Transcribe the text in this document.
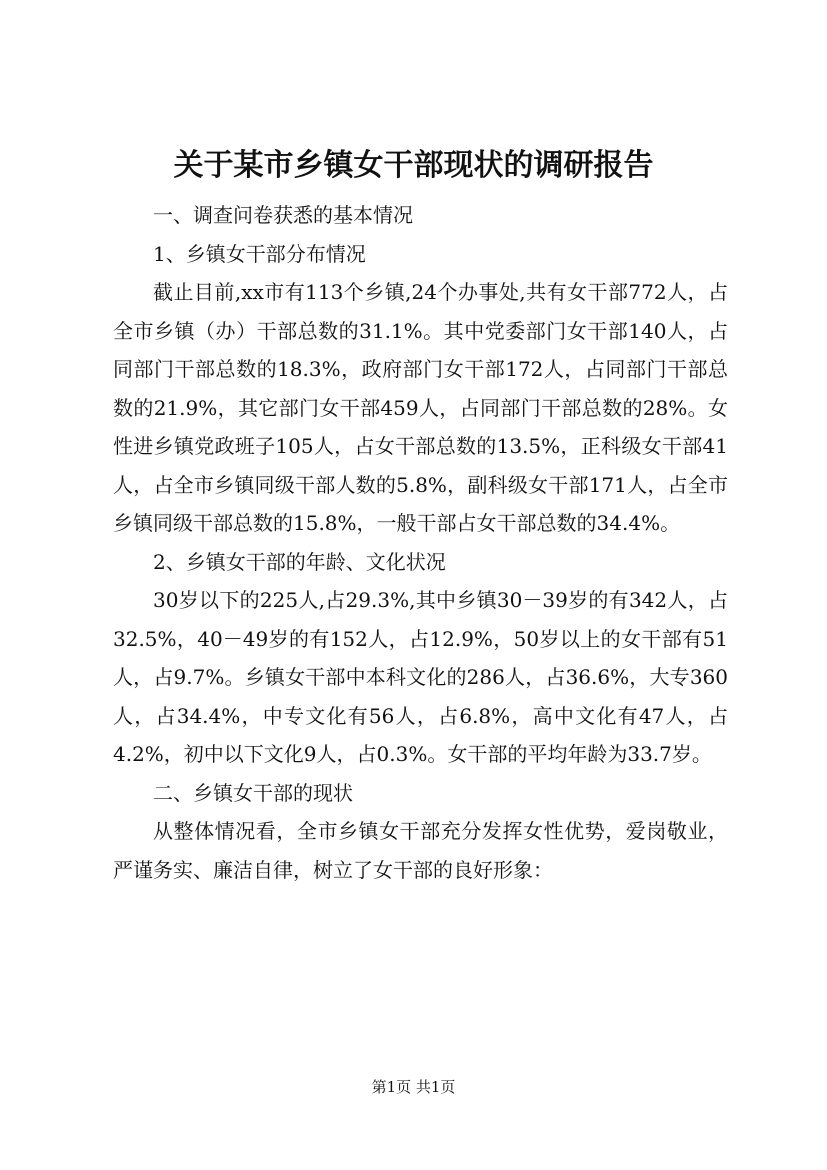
关于某市乡镇女干部现状的调研报告

一、调查问卷获悉的基本情况

1、乡镇女干部分布情况

截止目前,xx市有113个乡镇,24个办事处,共有女干部772人，占全市乡镇（办）干部总数的31.1%。其中党委部门女干部140人，占同部门干部总数的18.3%，政府部门女干部172人，占同部门干部总数的21.9%，其它部门女干部459人，占同部门干部总数的28%。女性进乡镇党政班子105人，占女干部总数的13.5%，正科级女干部41人，占全市乡镇同级干部人数的5.8%，副科级女干部171人，占全市乡镇同级干部总数的15.8%，一般干部占女干部总数的34.4%。

2、乡镇女干部的年龄、文化状况

30岁以下的225人,占29.3%,其中乡镇30－39岁的有342人，占32.5%，40－49岁的有152人，占12.9%，50岁以上的女干部有51人，占9.7%。乡镇女干部中本科文化的286人，占36.6%，大专360人，占34.4%，中专文化有56人，占6.8%，高中文化有47人，占4.2%，初中以下文化9人，占0.3%。女干部的平均年龄为33.7岁。

二、乡镇女干部的现状

从整体情况看，全市乡镇女干部充分发挥女性优势，爱岗敬业，严谨务实、廉洁自律，树立了女干部的良好形象：

第1页 共1页
